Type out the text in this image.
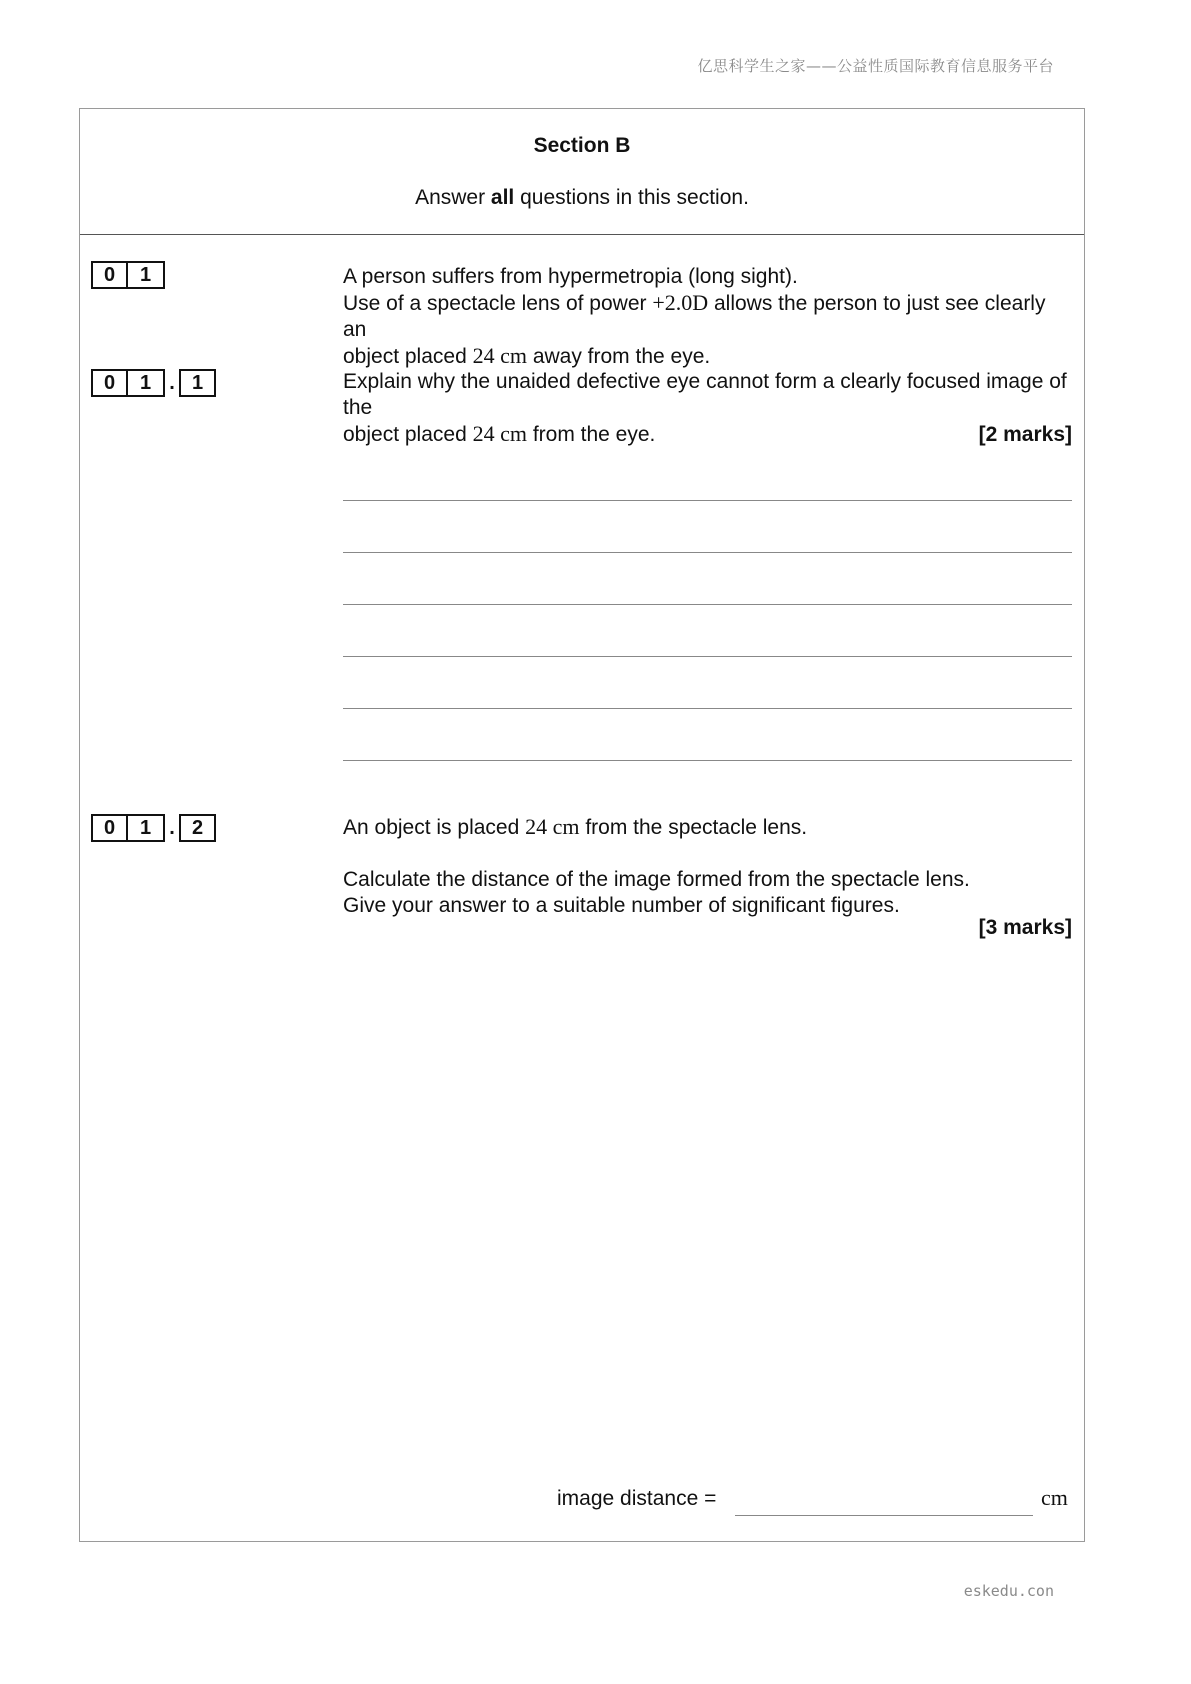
亿思科学生之家——公益性质国际教育信息服务平台
Section B
Answer all questions in this section.
0	1	A person suffers from hypermetropia (long sight).

Use of a spectacle lens of power +2.0D allows the person to just see clearly an

object placed 24 cm away from the eye.

0	1 . 1	Explain why the unaided defective eye cannot form a clearly focused image of the

object placed 24 cm from the eye.	[2 marks]
0	1 . 2	An object is placed 24 cm from the spectacle lens.

Calculate the distance of the image formed from the spectacle lens.

Give your answer to a suitable number of significant figures.

[3 marks]
image distance =	cm
eskedu.con
